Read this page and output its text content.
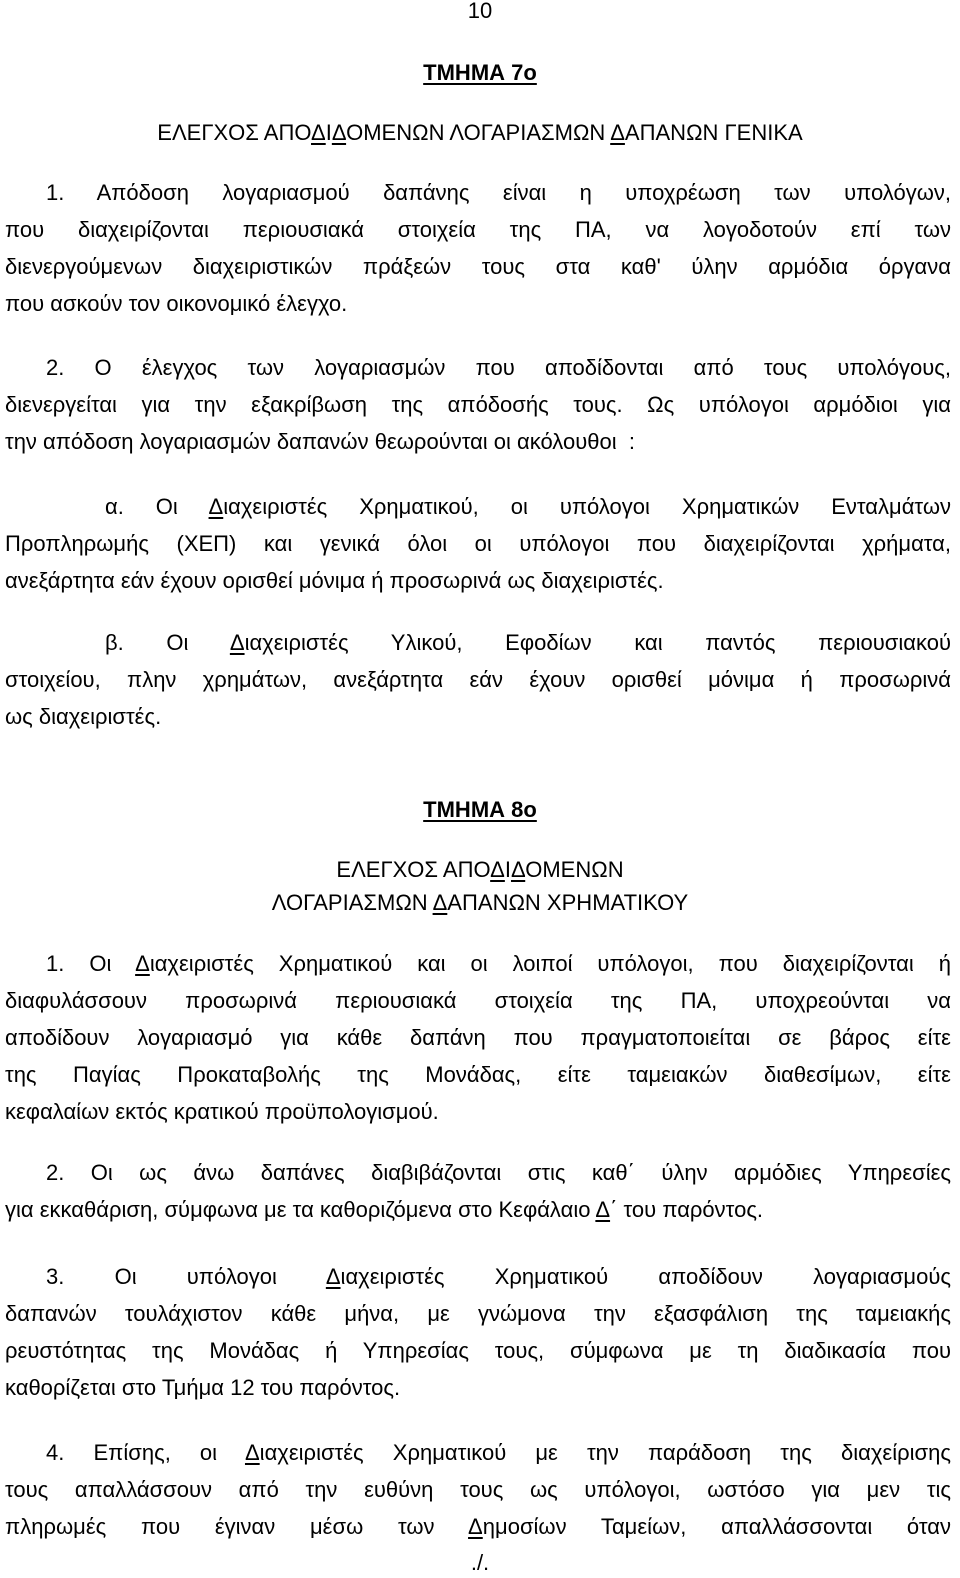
10
ΤΜΗΜΑ 7ο
ΕΛΕΓΧΟΣ ΑΠΟΔΙΔΟΜΕΝΩΝ ΛΟΓΑΡΙΑΣΜΩΝ ΔΑΠΑΝΩΝ ΓΕΝΙΚΑ
1. Απόδοση λογαριασμού δαπάνης είναι η υποχρέωση των υπολόγων,
που διαχειρίζονται περιουσιακά στοιχεία της ΠΑ, να λογοδοτούν επί των
διενεργούμενων διαχειριστικών πράξεών τους στα καθ' ύλην αρμόδια όργανα
που ασκούν τον οικονομικό έλεγχο.
2. Ο έλεγχος των λογαριασμών που αποδίδονται από τους υπολόγους,
διενεργείται για την εξακρίβωση της απόδοσής τους. Ως υπόλογοι αρμόδιοι για
την απόδοση λογαριασμών δαπανών θεωρούνται οι ακόλουθοι  :
α. Οι Διαχειριστές Χρηματικού, οι υπόλογοι Χρηματικών Ενταλμάτων
Προπληρωμής (ΧΕΠ) και γενικά όλοι οι υπόλογοι που διαχειρίζονται χρήματα,
ανεξάρτητα εάν έχουν ορισθεί μόνιμα ή προσωρινά ως διαχειριστές.
β. Οι Διαχειριστές Υλικού, Εφοδίων και παντός περιουσιακού
στοιχείου, πλην χρημάτων, ανεξάρτητα εάν έχουν ορισθεί μόνιμα ή προσωρινά
ως διαχειριστές.
ΤΜΗΜΑ 8ο
ΕΛΕΓΧΟΣ ΑΠΟΔΙΔΟΜΕΝΩΝ
ΛΟΓΑΡΙΑΣΜΩΝ ΔΑΠΑΝΩΝ ΧΡΗΜΑΤΙΚΟΥ
1. Οι Διαχειριστές Χρηματικού και οι λοιποί υπόλογοι, που διαχειρίζονται ή
διαφυλάσσουν προσωρινά περιουσιακά στοιχεία της ΠΑ, υποχρεούνται να
αποδίδουν λογαριασμό για κάθε δαπάνη που πραγματοποιείται σε βάρος είτε
της Παγίας Προκαταβολής της Μονάδας, είτε ταμειακών διαθεσίμων, είτε
κεφαλαίων εκτός κρατικού προϋπολογισμού.
2. Οι ως άνω δαπάνες διαβιβάζονται στις καθ΄ ύλην αρμόδιες Υπηρεσίες
για εκκαθάριση, σύμφωνα με τα καθοριζόμενα στο Κεφάλαιο Δ΄ του παρόντος.
3. Οι υπόλογοι Διαχειριστές Χρηματικού αποδίδουν λογαριασμούς
δαπανών τουλάχιστον κάθε μήνα, με γνώμονα την εξασφάλιση της ταμειακής
ρευστότητας της Μονάδας ή Υπηρεσίας τους, σύμφωνα με τη διαδικασία που
καθορίζεται στο Τμήμα 12 του παρόντος.
4. Επίσης, οι Διαχειριστές Χρηματικού με την παράδοση της διαχείρισης
τους απαλλάσσουν από την ευθύνη τους ως υπόλογοι, ωστόσο για μεν τις
πληρωμές που έγιναν μέσω των Δημοσίων Ταμείων, απαλλάσσονται όταν
./.
